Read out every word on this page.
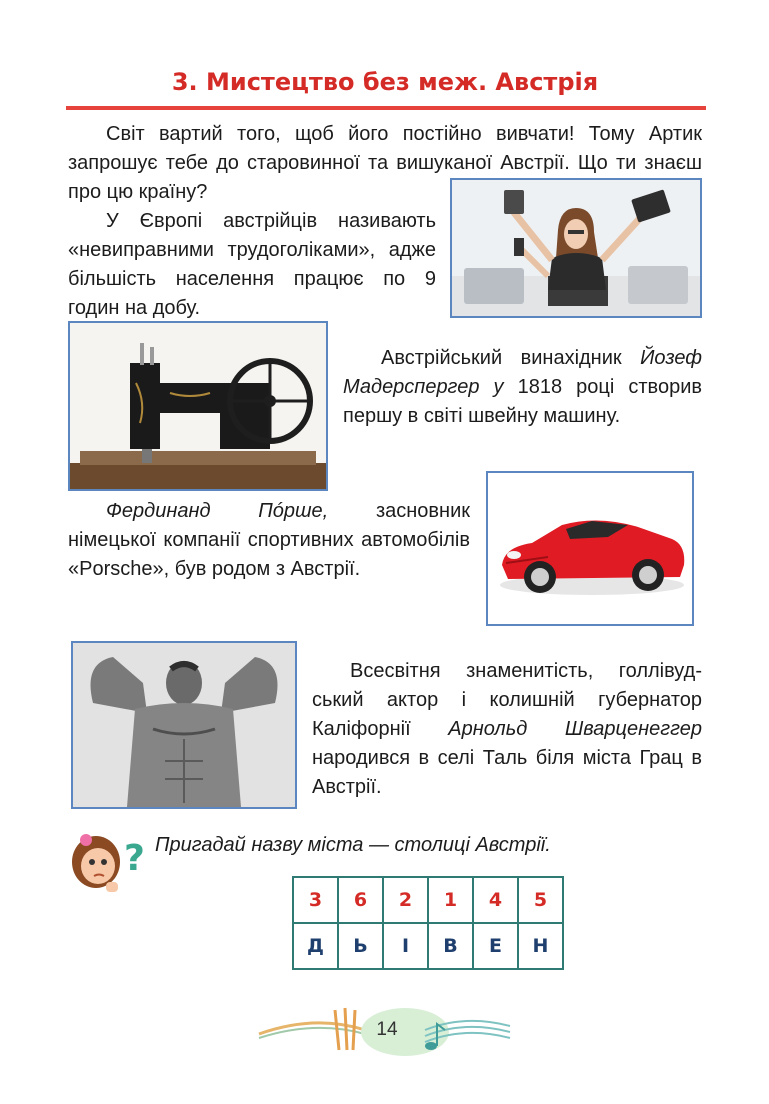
3. Мистецтво без меж. Австрія
Світ вартий того, щоб його постійно вивчати! Тому Артик запрошує тебе до старовинної та вишуканої Австрії. Що ти знаєш про цю країну?
У Європі австрійців називають «невиправними трудоголіками», адже більшість населення працює по 9 годин на добу.
Австрійський винахідник Йозеф Мадерспергер у 1818 році створив першу в світі швейну машину.
Фердинанд Пóрше, засновник німецької компанії спортивних автомобілів «Porsche», був родом з Австрії.
Всесвітня знаменитість, голлівудський актор і колишній губернатор Каліфорнії Арнольд Шварценеггер народився в селі Таль біля міста Грац в Австрії.
? Пригадай назву міста — столиці Австрії.
3	6	2	1	4	5
Д	Ь	І	В	Е	Н
14
